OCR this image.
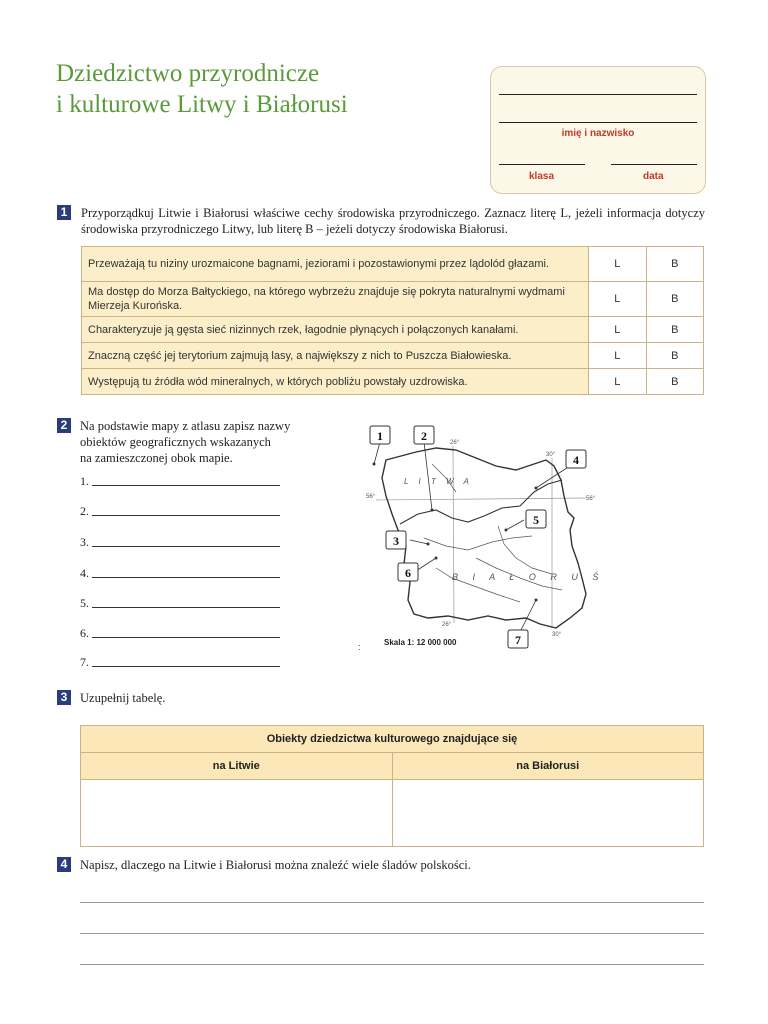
Dziedzictwo przyrodnicze
i kulturowe Litwy i Białorusi
imię i nazwisko
klasa	data
1 Przyporządkuj Litwie i Białorusi właściwe cechy środowiska przyrodniczego. Zaznacz literę L, jeżeli informacja dotyczy środowiska przyrodniczego Litwy, lub literę B – jeżeli dotyczy środowiska Białorusi.
Przeważają tu niziny urozmaicone bagnami, jeziorami i pozostawionymi przez lądolód głazami.	L	B
Ma dostęp do Morza Bałtyckiego, na którego wybrzeżu znajduje się pokryta naturalnymi wydmami Mierzeja Kurońska.	L	B
Charakteryzuje ją gęsta sieć nizinnych rzek, łagodnie płynących i połączonych kanałami.	L	B
Znaczną część jej terytorium zajmują lasy, a największy z nich to Puszcza Białowieska.	L	B
Występują tu źródła wód mineralnych, w których pobliżu powstały uzdrowiska.	L	B
2 Na podstawie mapy z atlasu zapisz nazwy
obiektów geograficznych wskazanych
na zamieszczonej obok mapie.
1.
2.
3.
4.
5.
6.
7.
26°
30°
56°	56°
26°
30°
L I T W A
B I A Ł O R U Ś
1	2
3
4
5
6
7
:	Skala 1: 12 000 000
3 Uzupełnij tabelę.
Obiekty dziedzictwa kulturowego znajdujące się	
na Litwie	na Białorusi

4 Napisz, dlaczego na Litwie i Białorusi można znaleźć wiele śladów polskości.
